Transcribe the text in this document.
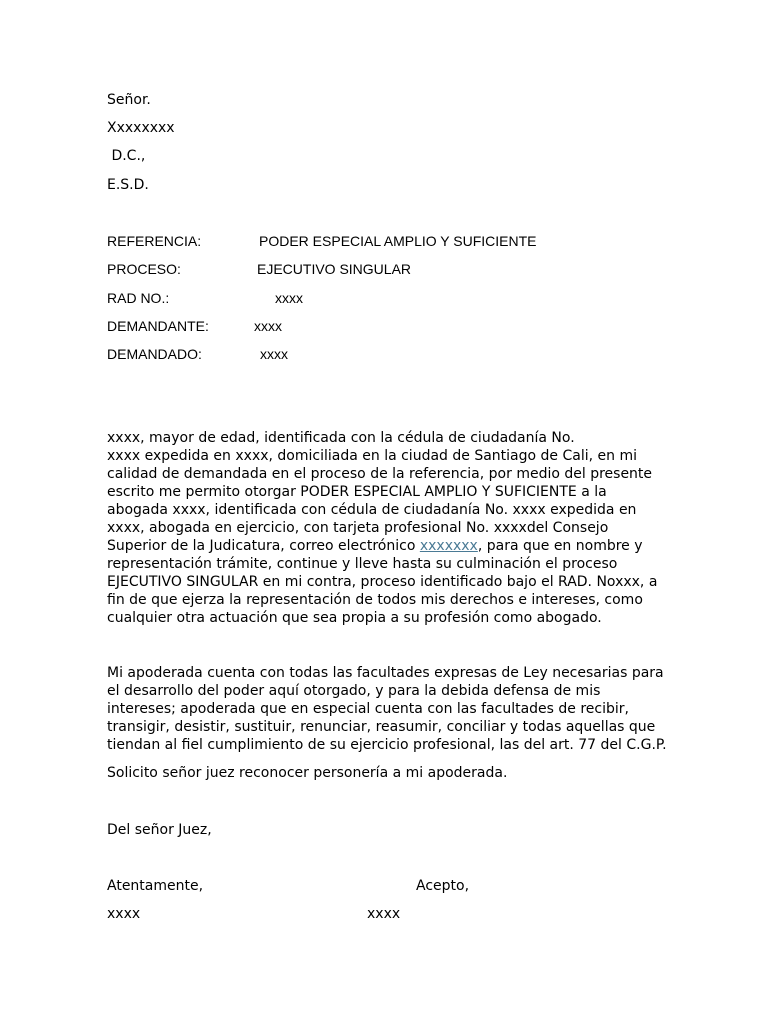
Señor.
Xxxxxxxx
D.C.,
E.S.D.
REFERENCIA:	PODER ESPECIAL AMPLIO Y SUFICIENTE
PROCESO:	EJECUTIVO SINGULAR
RAD NO.:	xxxx
DEMANDANTE:	xxxx
DEMANDADO:	xxxx
xxxx, mayor de edad, identificada con la cédula de ciudadanía No.
xxxx expedida en xxxx, domiciliada en la ciudad de Santiago de Cali, en mi
calidad de demandada en el proceso de la referencia, por medio del presente
escrito me permito otorgar PODER ESPECIAL AMPLIO Y SUFICIENTE a la
abogada xxxx, identificada con cédula de ciudadanía No. xxxx expedida en
xxxx, abogada en ejercicio, con tarjeta profesional No. xxxxdel Consejo
Superior de la Judicatura, correo electrónico xxxxxxx, para que en nombre y
representación trámite, continue y lleve hasta su culminación el proceso
EJECUTIVO SINGULAR en mi contra, proceso identificado bajo el RAD. Noxxx, a
fin de que ejerza la representación de todos mis derechos e intereses, como
cualquier otra actuación que sea propia a su profesión como abogado.
Mi apoderada cuenta con todas las facultades expresas de Ley necesarias para
el desarrollo del poder aquí otorgado, y para la debida defensa de mis
intereses; apoderada que en especial cuenta con las facultades de recibir,
transigir, desistir, sustituir, renunciar, reasumir, conciliar y todas aquellas que
tiendan al fiel cumplimiento de su ejercicio profesional, las del art. 77 del C.G.P.
Solicito señor juez reconocer personería a mi apoderada.
Del señor Juez,
Atentamente,	Acepto,
xxxx	xxxx
